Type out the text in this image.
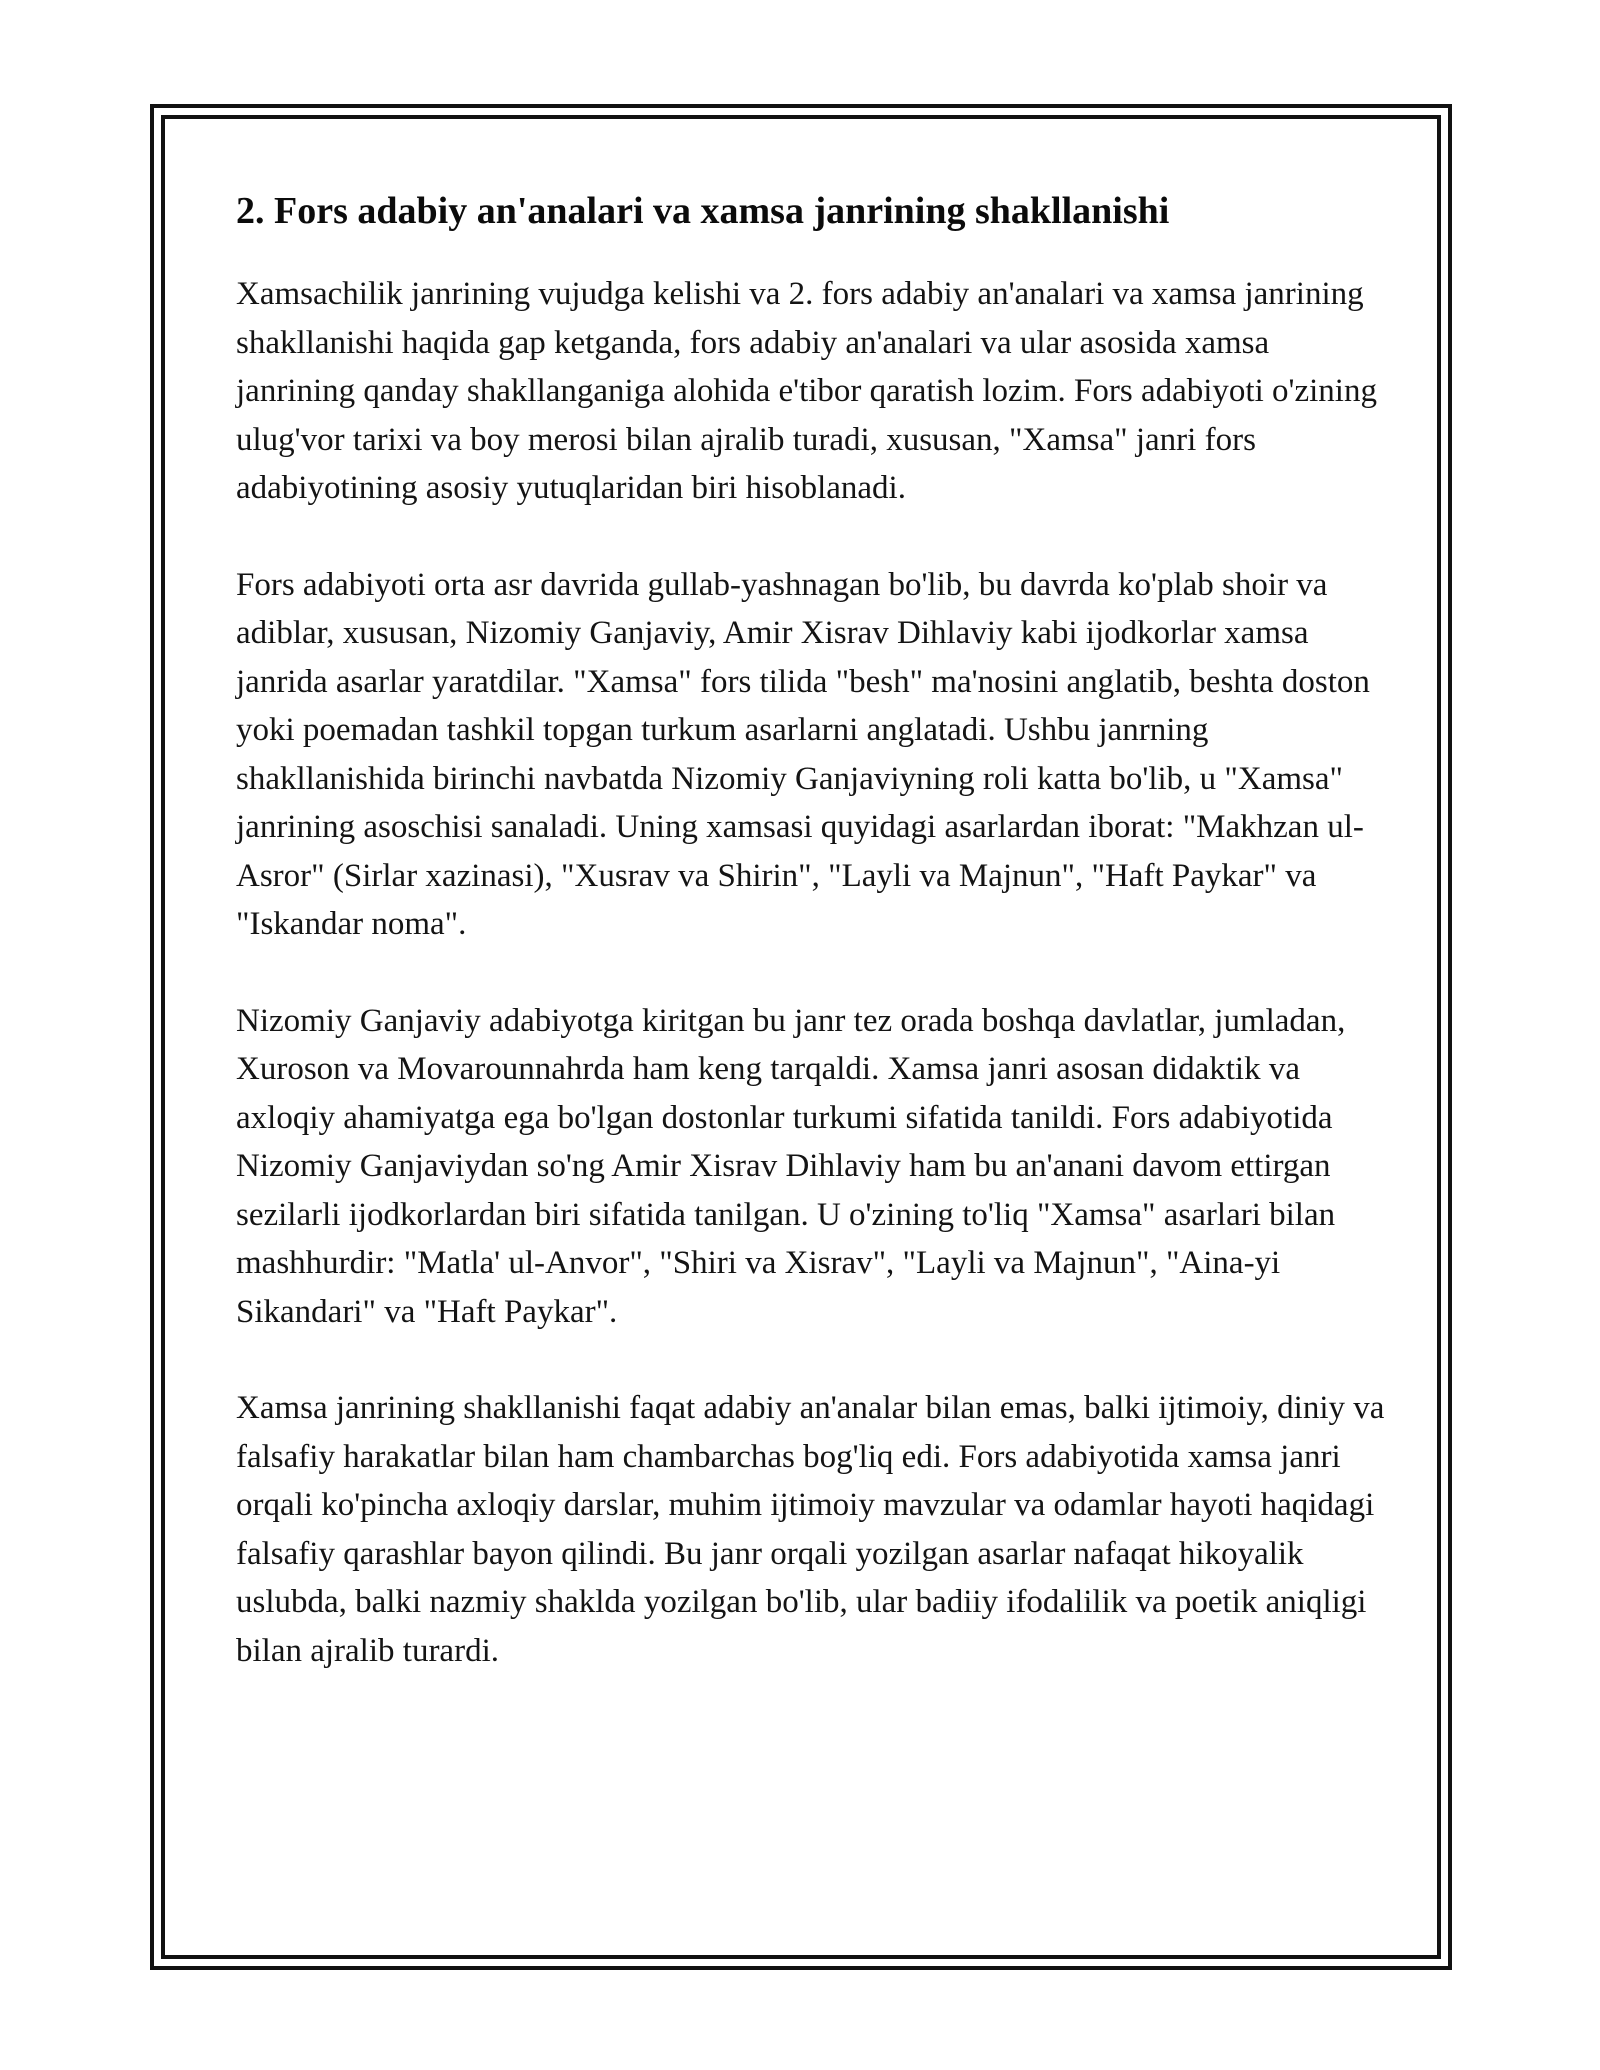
2. Fors adabiy an'analari va xamsa janrining shakllanishi

Xamsachilik janrining vujudga kelishi va 2. fors adabiy an'analari va xamsa janrining shakllanishi haqida gap ketganda, fors adabiy an'analari va ular asosida xamsa janrining qanday shakllanganiga alohida e'tibor qaratish lozim. Fors adabiyoti o'zining ulug'vor tarixi va boy merosi bilan ajralib turadi, xususan, "Xamsa" janri fors adabiyotining asosiy yutuqlaridan biri hisoblanadi.

Fors adabiyoti orta asr davrida gullab-yashnagan bo'lib, bu davrda ko'plab shoir va adiblar, xususan, Nizomiy Ganjaviy, Amir Xisrav Dihlaviy kabi ijodkorlar xamsa janrida asarlar yaratdilar. "Xamsa" fors tilida "besh" ma'nosini anglatib, beshta doston yoki poemadan tashkil topgan turkum asarlarni anglatadi. Ushbu janrning shakllanishida birinchi navbatda Nizomiy Ganjaviyning roli katta bo'lib, u "Xamsa" janrining asoschisi sanaladi. Uning xamsasi quyidagi asarlardan iborat: "Makhzan ul-Asror" (Sirlar xazinasi), "Xusrav va Shirin", "Layli va Majnun", "Haft Paykar" va "Iskandar noma".

Nizomiy Ganjaviy adabiyotga kiritgan bu janr tez orada boshqa davlatlar, jumladan, Xuroson va Movarounnahrda ham keng tarqaldi. Xamsa janri asosan didaktik va axloqiy ahamiyatga ega bo'lgan dostonlar turkumi sifatida tanildi. Fors adabiyotida Nizomiy Ganjaviydan so'ng Amir Xisrav Dihlaviy ham bu an'anani davom ettirgan sezilarli ijodkorlardan biri sifatida tanilgan. U o'zining to'liq "Xamsa" asarlari bilan mashhurdir: "Matla' ul-Anvor", "Shiri va Xisrav", "Layli va Majnun", "Aina-yi Sikandari" va "Haft Paykar".

Xamsa janrining shakllanishi faqat adabiy an'analar bilan emas, balki ijtimoiy, diniy va falsafiy harakatlar bilan ham chambarchas bog'liq edi. Fors adabiyotida xamsa janri orqali ko'pincha axloqiy darslar, muhim ijtimoiy mavzular va odamlar hayoti haqidagi falsafiy qarashlar bayon qilindi. Bu janr orqali yozilgan asarlar nafaqat hikoyalik uslubda, balki nazmiy shaklda yozilgan bo'lib, ular badiiy ifodalilik va poetik aniqligi bilan ajralib turardi.
